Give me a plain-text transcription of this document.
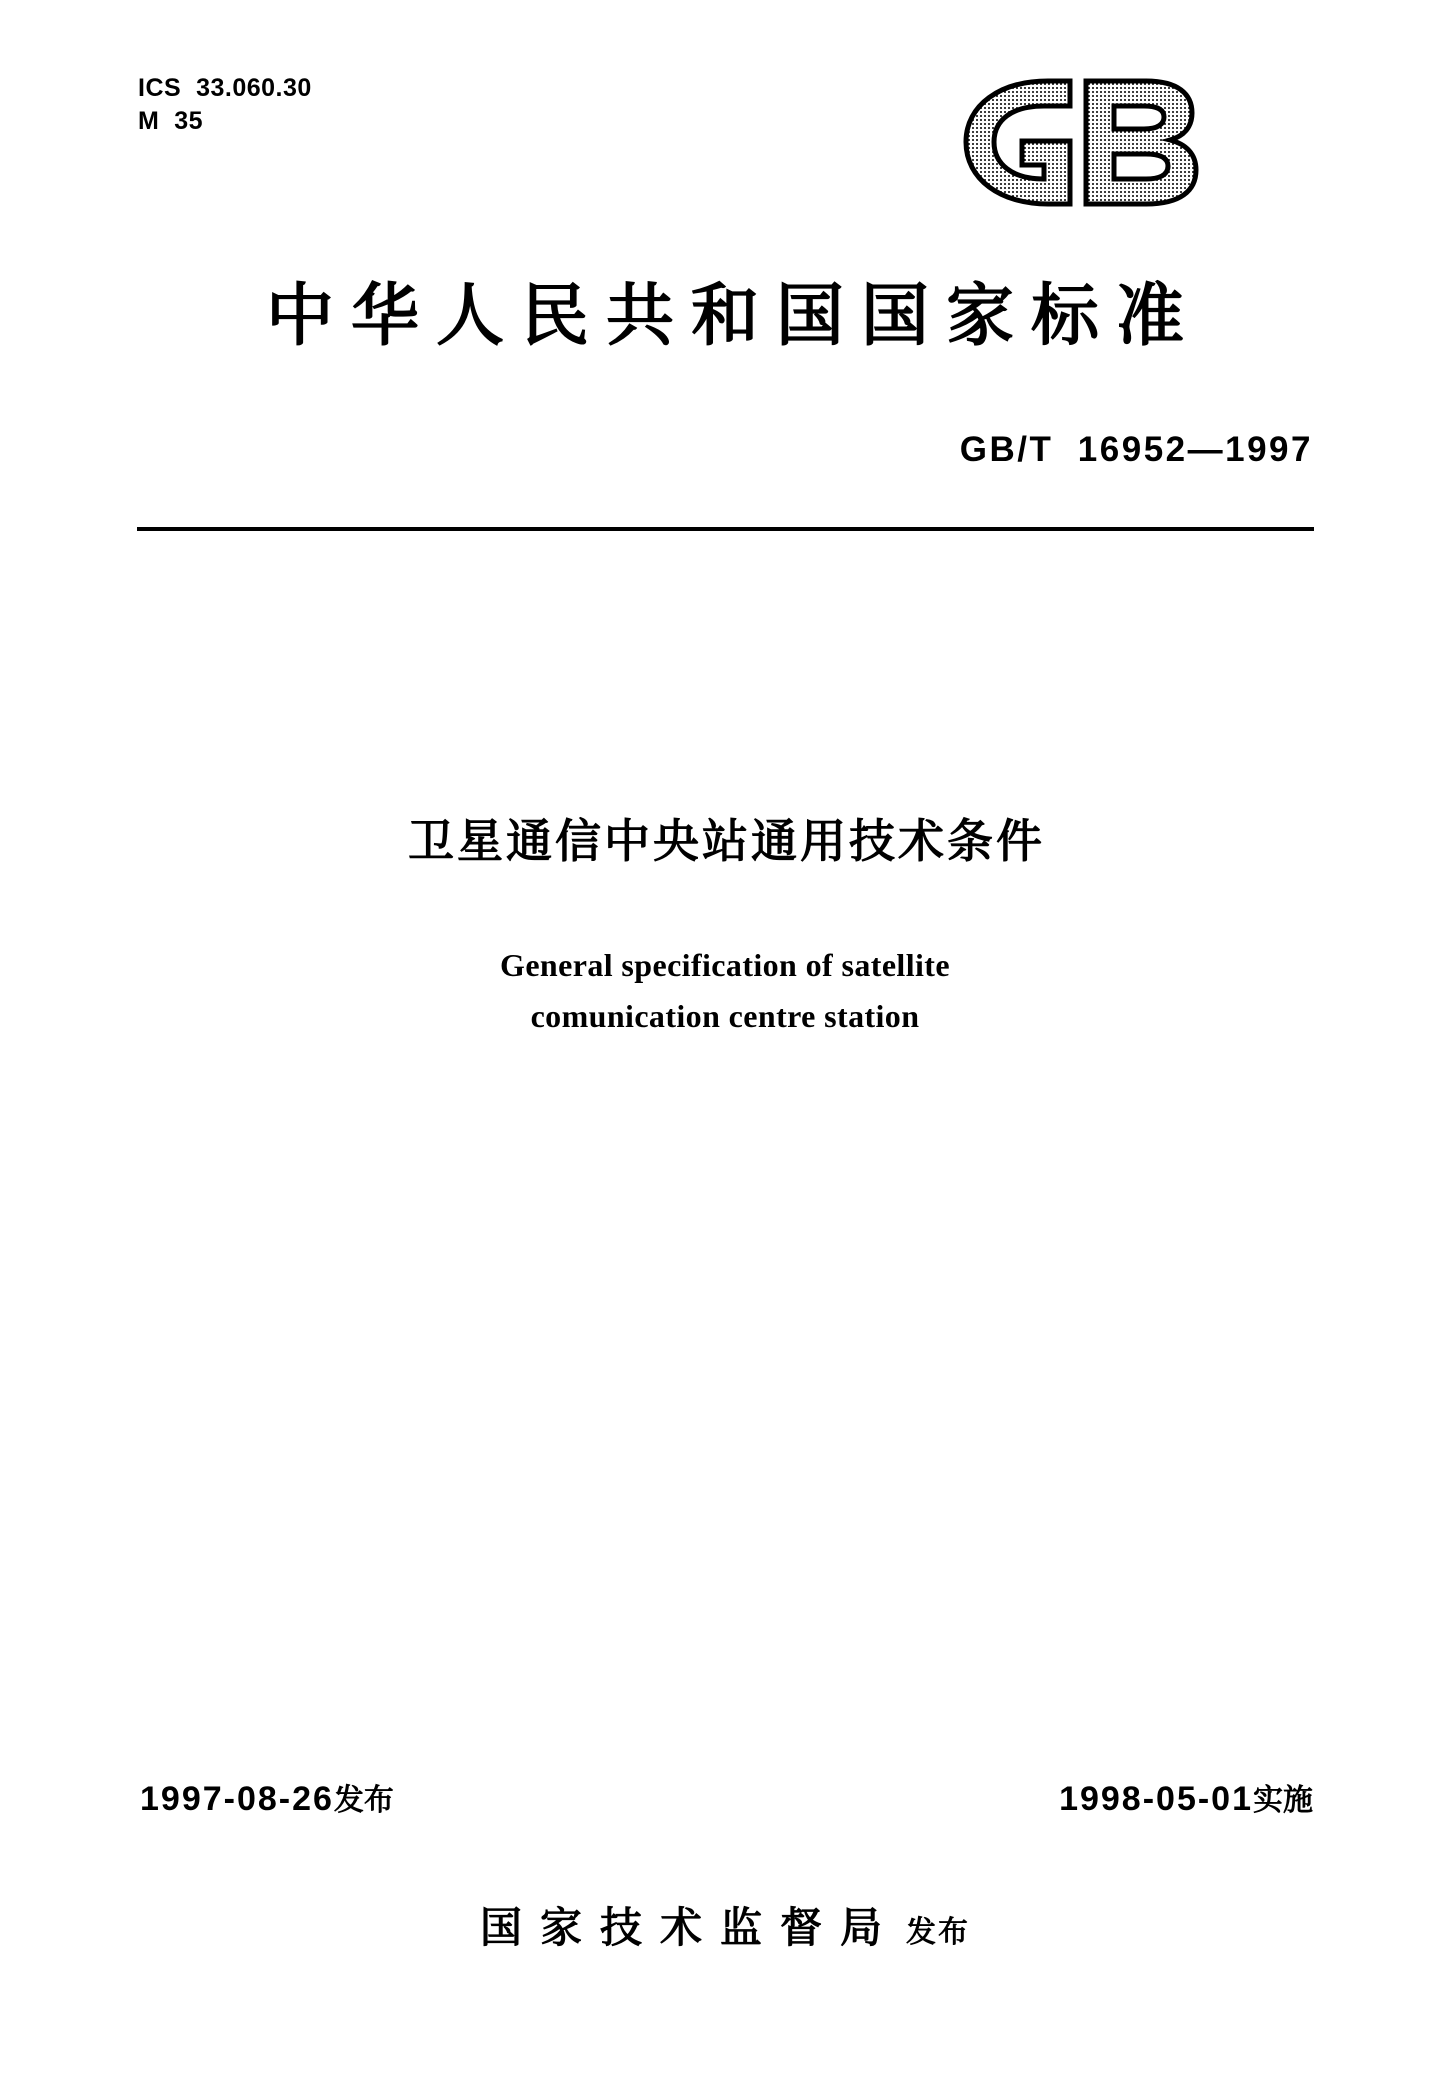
ICS  33.060.30
M  35
中华人民共和国国家标准
GB/T  16952—1997
卫星通信中央站通用技术条件
General specification of satellite
comunication centre station
1997-08-26发布	1998-05-01实施
国家技术监督局 发布
